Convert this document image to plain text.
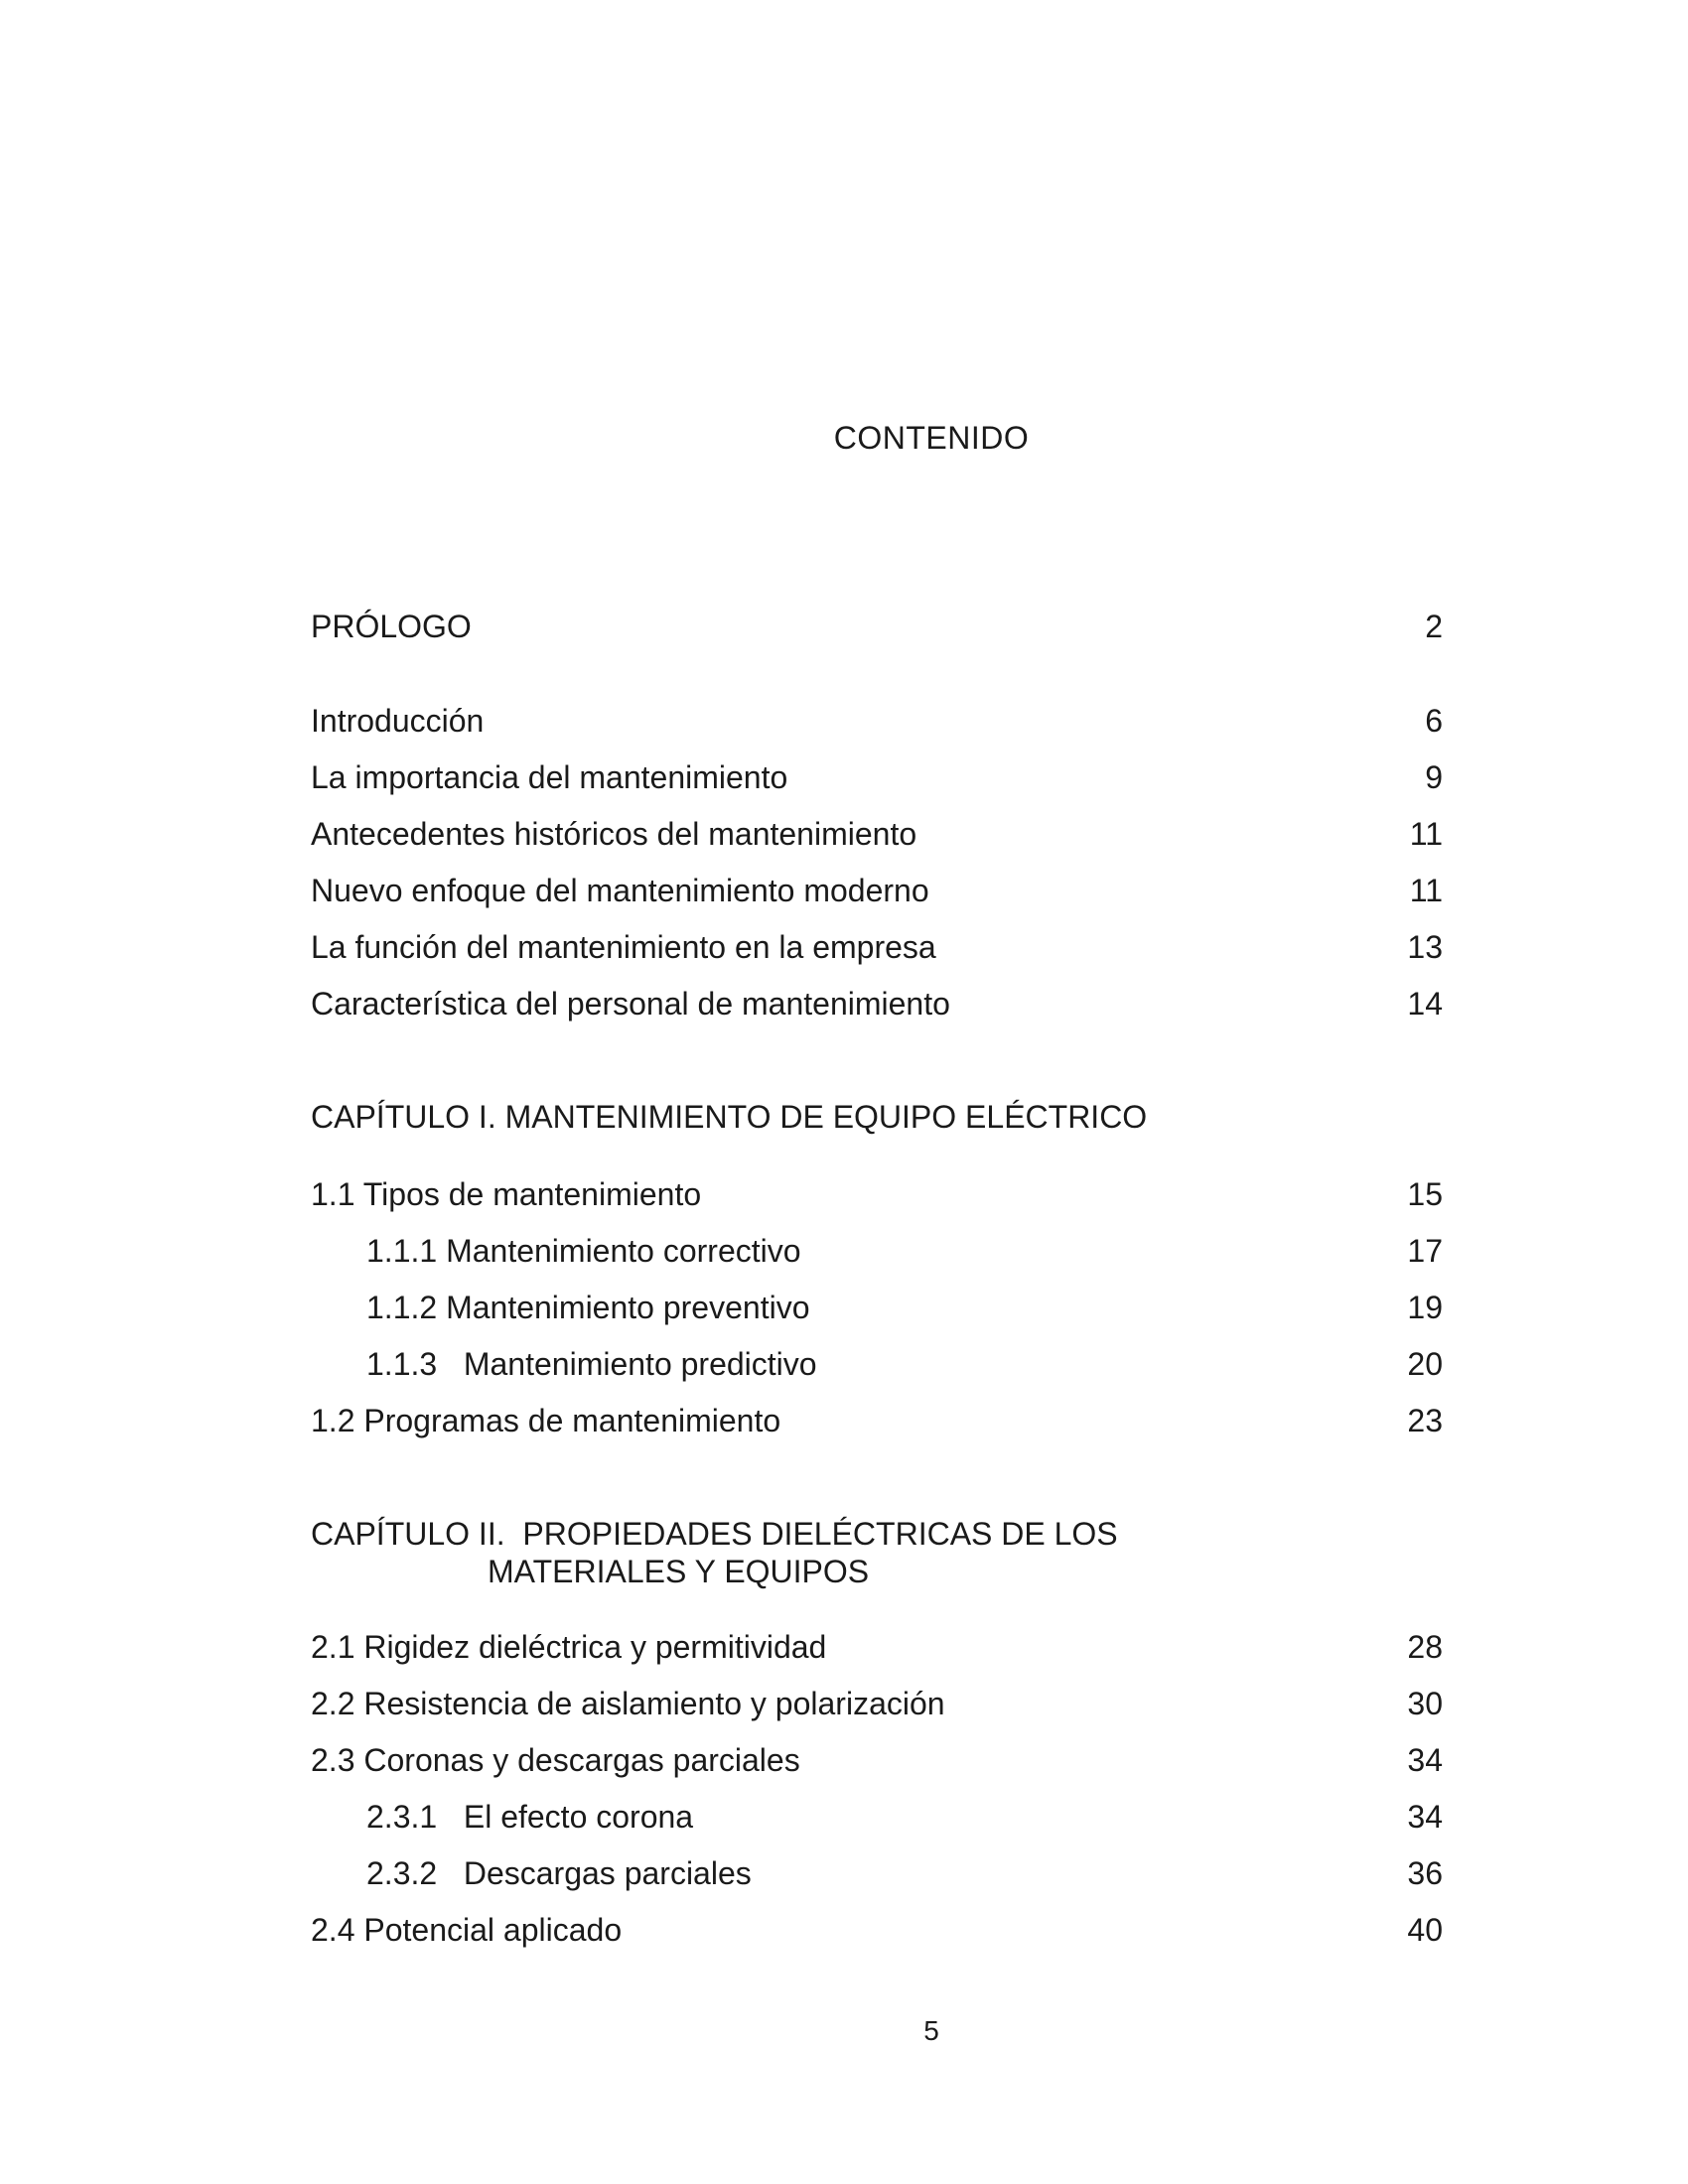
CONTENIDO
PRÓLOGO	2
Introducción	6
La importancia del mantenimiento	9
Antecedentes históricos del mantenimiento	11
Nuevo enfoque del mantenimiento moderno	11
La función del mantenimiento en la empresa	13
Característica del personal de mantenimiento	14
CAPÍTULO I. MANTENIMIENTO DE EQUIPO ELÉCTRICO
1.1 Tipos de mantenimiento	15
1.1.1 Mantenimiento correctivo	17
1.1.2 Mantenimiento preventivo	19
1.1.3   Mantenimiento predictivo	20
1.2 Programas de mantenimiento	23
CAPÍTULO II.  PROPIEDADES DIELÉCTRICAS DE LOS
MATERIALES Y EQUIPOS
2.1 Rigidez dieléctrica y permitividad	28
2.2 Resistencia de aislamiento y polarización	30
2.3 Coronas y descargas parciales	34
2.3.1   El efecto corona	34
2.3.2   Descargas parciales	36
2.4 Potencial aplicado	40
5
